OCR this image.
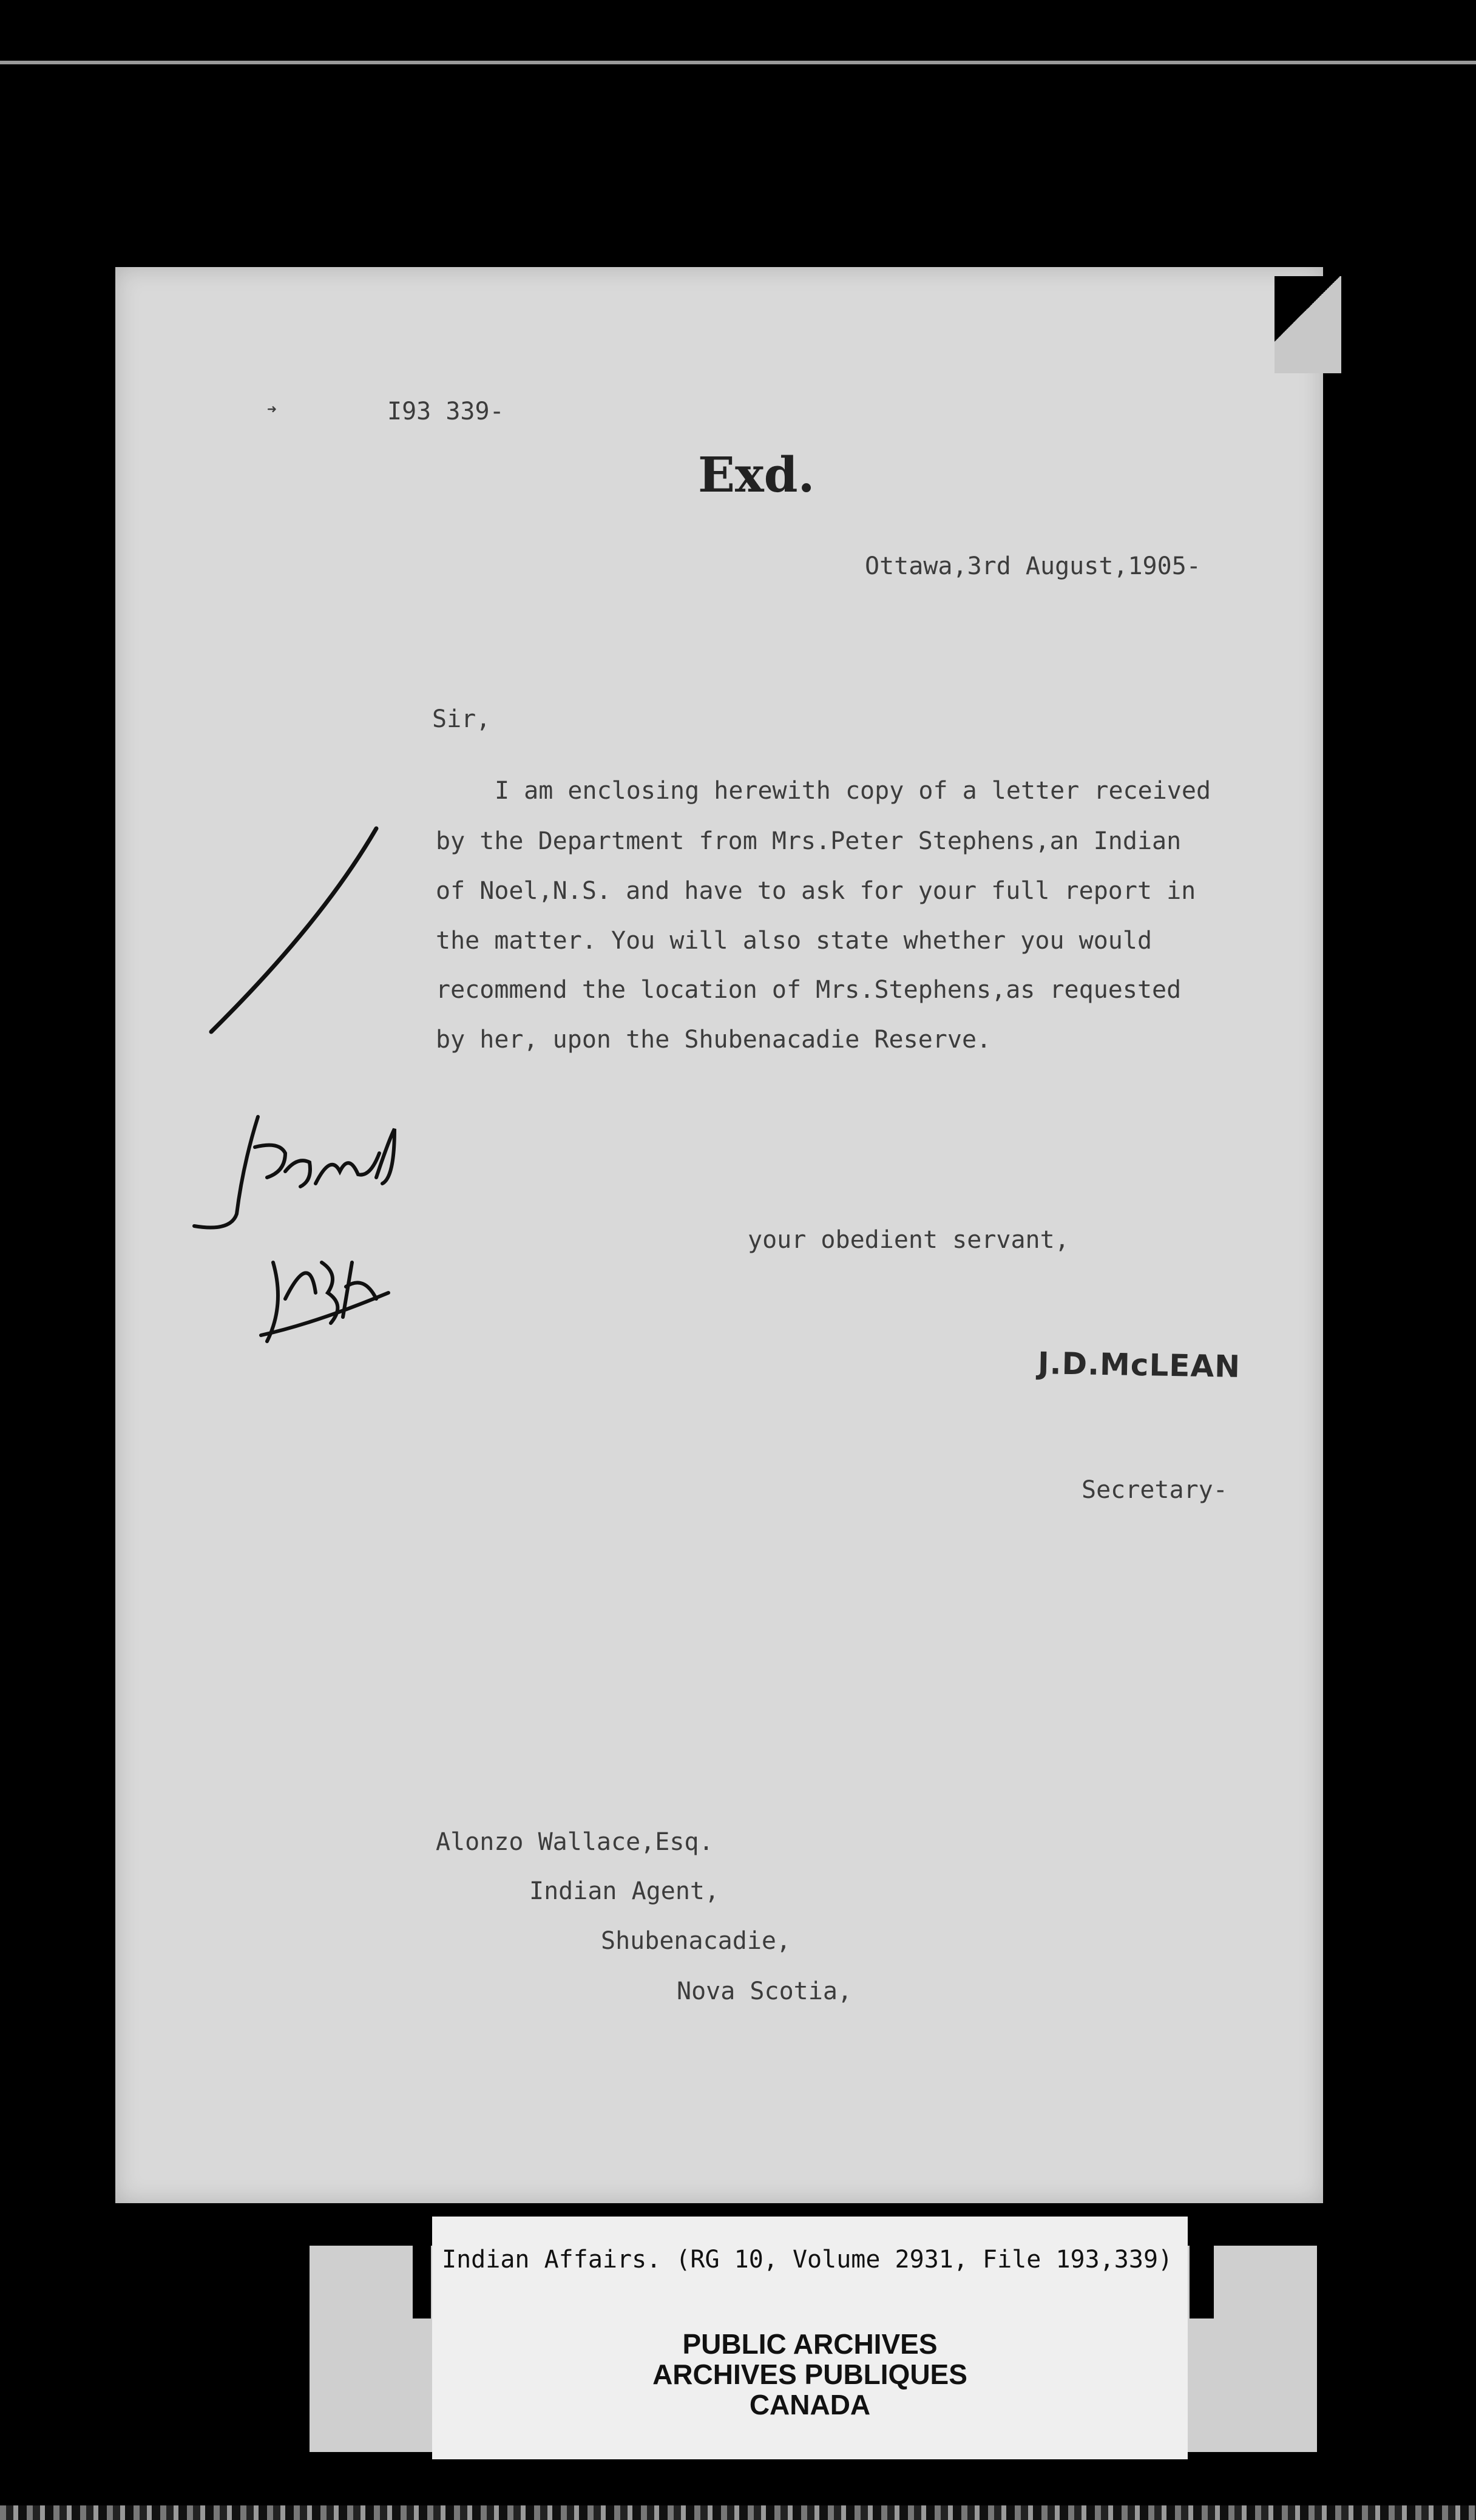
➜	I93 339-
Exd.
Ottawa,3rd August,1905-
Sir,
I am enclosing herewith copy of a letter received
by the Department from Mrs.Peter Stephens,an Indian
of Noel,N.S. and have to ask for your full report in
the matter. You will also state whether you would
recommend the location of Mrs.Stephens,as requested
by her, upon the Shubenacadie Reserve.
your obedient servant,
J.D.McLEAN
Secretary-
Alonzo Wallace,Esq.
Indian Agent,
Shubenacadie,
Nova Scotia,
Indian Affairs. (RG 10, Volume 2931, File 193,339)
PUBLIC ARCHIVES
ARCHIVES PUBLIQUES
CANADA
